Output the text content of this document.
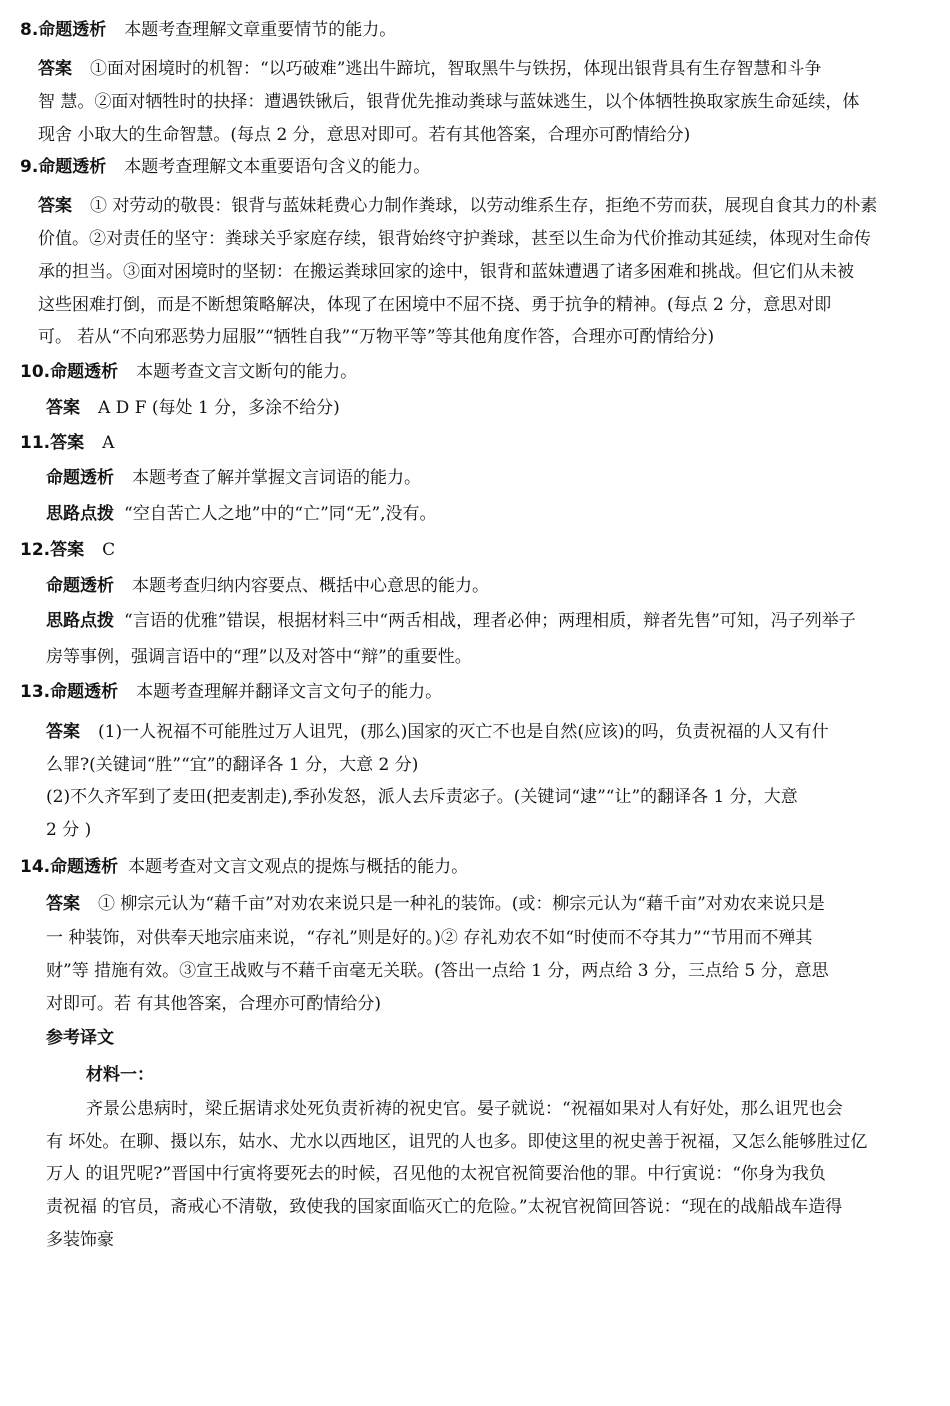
8.命题透析 本题考查理解文章重要情节的能力。
答案 ①面对困境时的机智：“以巧破难”逃出牛蹄坑，智取黑牛与铁拐，体现出银背具有生存智慧和斗争
智 慧。②面对牺牲时的抉择：遭遇铁锹后，银背优先推动粪球与蓝妹逃生，以个体牺牲换取家族生命延续，体
现舍 小取大的生命智慧。(每点 2 分，意思对即可。若有其他答案，合理亦可酌情给分)
9.命题透析 本题考查理解文本重要语句含义的能力。
答案 ① 对劳动的敬畏：银背与蓝妹耗费心力制作粪球，以劳动维系生存，拒绝不劳而获，展现自食其力的朴素
价值。②对责任的坚守：粪球关乎家庭存续，银背始终守护粪球，甚至以生命为代价推动其延续，体现对生命传
承的担当。③面对困境时的坚韧：在搬运粪球回家的途中，银背和蓝妹遭遇了诸多困难和挑战。但它们从未被
这些困难打倒，而是不断想策略解决，体现了在困境中不屈不挠、勇于抗争的精神。(每点 2 分，意思对即
可。 若从“不向邪恶势力屈服”“牺牲自我”“万物平等”等其他角度作答，合理亦可酌情给分)
10.命题透析 本题考查文言文断句的能力。
答案 A D F (每处 1 分，多涂不给分)
11.答案 A
命题透析 本题考查了解并掌握文言词语的能力。
思路点拨 “空自苦亡人之地”中的“亡”同“无”,没有。
12.答案 C
命题透析 本题考查归纳内容要点、概括中心意思的能力。
思路点拨 “言语的优雅”错误，根据材料三中“两舌相战，理者必伸；两理相质，辩者先售”可知，冯子列举子
房等事例，强调言语中的“理”以及对答中“辩”的重要性。
13.命题透析 本题考查理解并翻译文言文句子的能力。
答案 (1)一人祝福不可能胜过万人诅咒，(那么)国家的灭亡不也是自然(应该)的吗，负责祝福的人又有什
么罪?(关键词“胜”“宜”的翻译各 1 分，大意 2 分)
(2)不久齐军到了麦田(把麦割走),季孙发怒，派人去斥责宓子。(关键词“逮”“让”的翻译各 1 分，大意
2 分 )
14.命题透析 本题考查对文言文观点的提炼与概括的能力。
答案 ① 柳宗元认为“藉千亩”对劝农来说只是一种礼的装饰。(或：柳宗元认为“藉千亩”对劝农来说只是
一 种装饰，对供奉天地宗庙来说，“存礼”则是好的。)② 存礼劝农不如“时使而不夺其力”“节用而不殚其
财”等 措施有效。③宣王战败与不藉千亩毫无关联。(答出一点给 1 分，两点给 3 分，三点给 5 分，意思
对即可。若 有其他答案，合理亦可酌情给分)
参考译文
材料一：
齐景公患病时，梁丘据请求处死负责祈祷的祝史官。晏子就说：“祝福如果对人有好处，那么诅咒也会
有 坏处。在聊、摄以东，姑水、尤水以西地区，诅咒的人也多。即使这里的祝史善于祝福，又怎么能够胜过亿
万人 的诅咒呢?”晋国中行寅将要死去的时候，召见他的太祝官祝简要治他的罪。中行寅说：“你身为我负
责祝福 的官员，斋戒心不清敬，致使我的国家面临灭亡的危险。”太祝官祝简回答说：“现在的战船战车造得
多装饰豪
